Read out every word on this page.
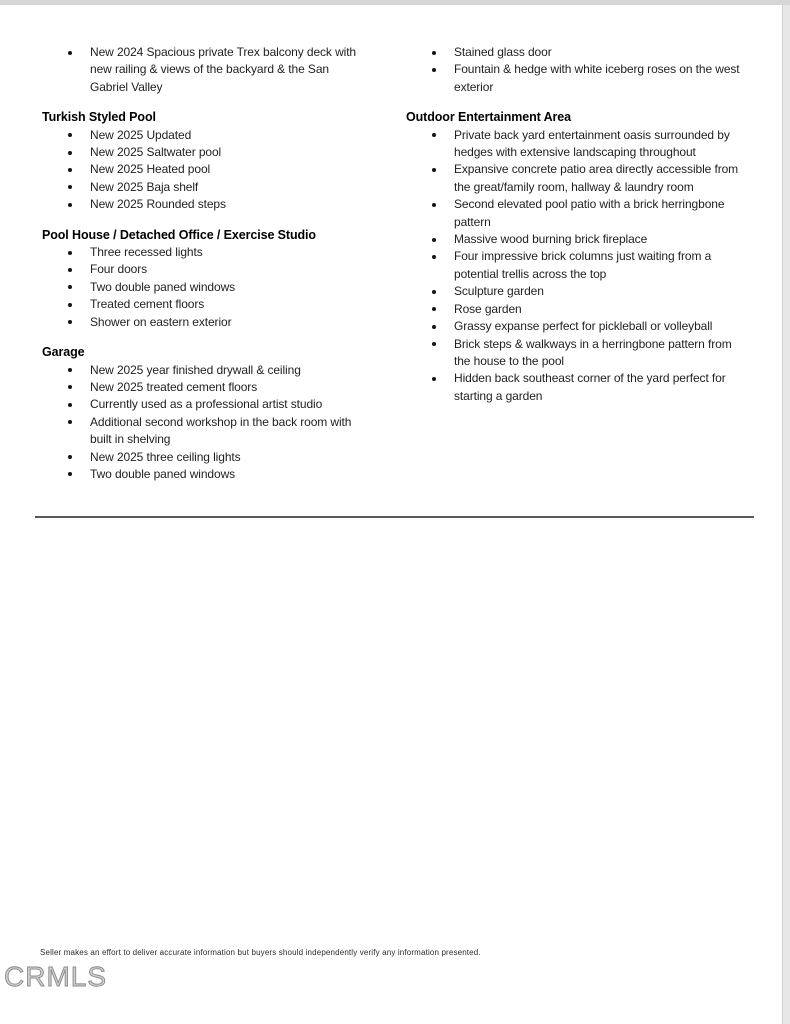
New 2024 Spacious private Trex balcony deck with new railing & views of the backyard & the San Gabriel Valley
Turkish Styled Pool
New 2025 Updated
New 2025 Saltwater pool
New 2025 Heated pool
New 2025 Baja shelf
New 2025 Rounded steps
Pool House / Detached Office / Exercise Studio
Three recessed lights
Four doors
Two double paned windows
Treated cement floors
Shower on eastern exterior
Garage
New 2025 year finished drywall & ceiling
New 2025 treated cement floors
Currently used as a professional artist studio
Additional second workshop in the back room with built in shelving
New 2025 three ceiling lights
Two double paned windows
Stained glass door
Fountain & hedge with white iceberg roses on the west exterior
Outdoor Entertainment Area
Private back yard entertainment oasis surrounded by hedges with extensive landscaping throughout
Expansive concrete patio area directly accessible from the great/family room, hallway & laundry room
Second elevated pool patio with a brick herringbone pattern
Massive wood burning brick fireplace
Four impressive brick columns just waiting from a potential trellis across the top
Sculpture garden
Rose garden
Grassy expanse perfect for pickleball or volleyball
Brick steps & walkways in a herringbone pattern from the house to the pool
Hidden back southeast corner of the yard perfect for starting a garden
Seller makes an effort to deliver accurate information but buyers should independently verify any information presented.
CRMLS
